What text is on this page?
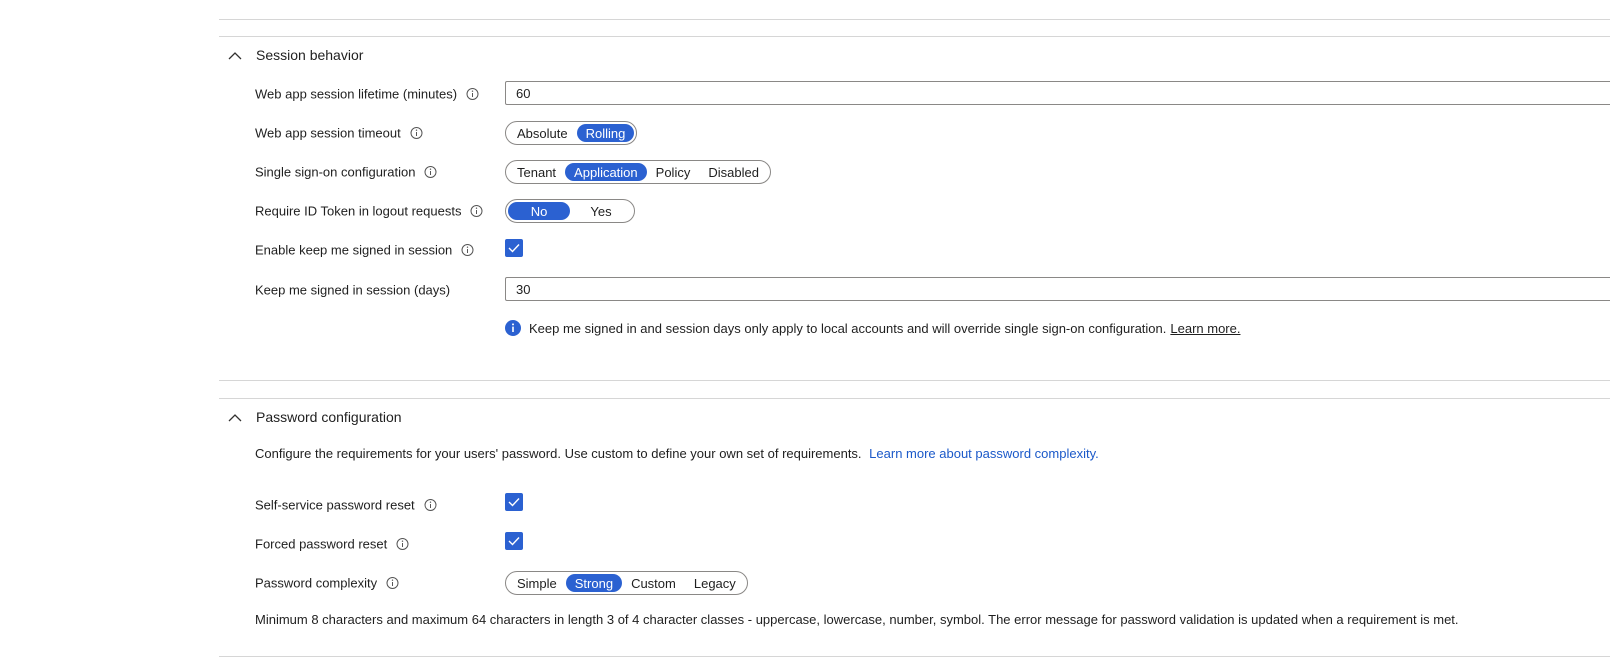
Session behavior
Web app session lifetime (minutes)
60
Web app session timeout	Absolute	Rolling
Single sign-on configuration	Tenant	Application	Policy	Disabled
Require ID Token in logout requests	No	Yes
Enable keep me signed in session
Keep me signed in session (days)
30
Keep me signed in and session days only apply to local accounts and will override single sign-on configuration. Learn more.
Password configuration
Configure the requirements for your users' password. Use custom to define your own set of requirements. Learn more about password complexity.
Self-service password reset
Forced password reset
Password complexity	Simple	Strong	Custom	Legacy
Minimum 8 characters and maximum 64 characters in length 3 of 4 character classes - uppercase, lowercase, number, symbol. The error message for password validation is updated when a requirement is met.
